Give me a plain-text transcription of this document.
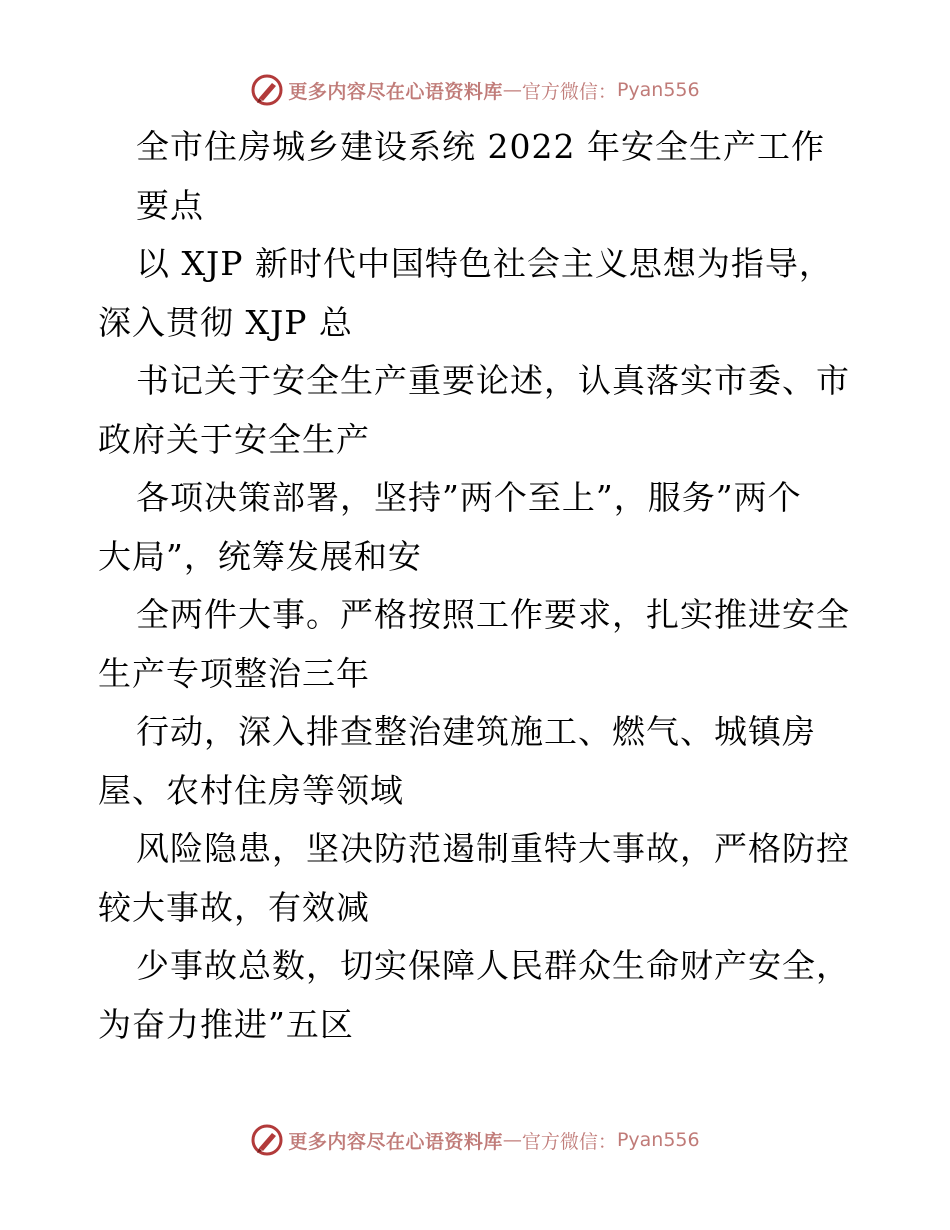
更多内容尽在心语资料库 — 官方微信： Pyan556
全市住房城乡建设系统 2022 年安全生产工作
要点
以 XJP 新时代中国特色社会主义思想为指导，
深入贯彻 XJP 总
书记关于安全生产重要论述，认真落实市委、市
政府关于安全生产
各项决策部署，坚持”两个至上”，服务”两个
大局”，统筹发展和安
全两件大事。严格按照工作要求，扎实推进安全
生产专项整治三年
行动，深入排查整治建筑施工、燃气、城镇房
屋、农村住房等领域
风险隐患，坚决防范遏制重特大事故，严格防控
较大事故，有效减
少事故总数，切实保障人民群众生命财产安全，
为奋力推进”五区
更多内容尽在心语资料库 — 官方微信： Pyan556
